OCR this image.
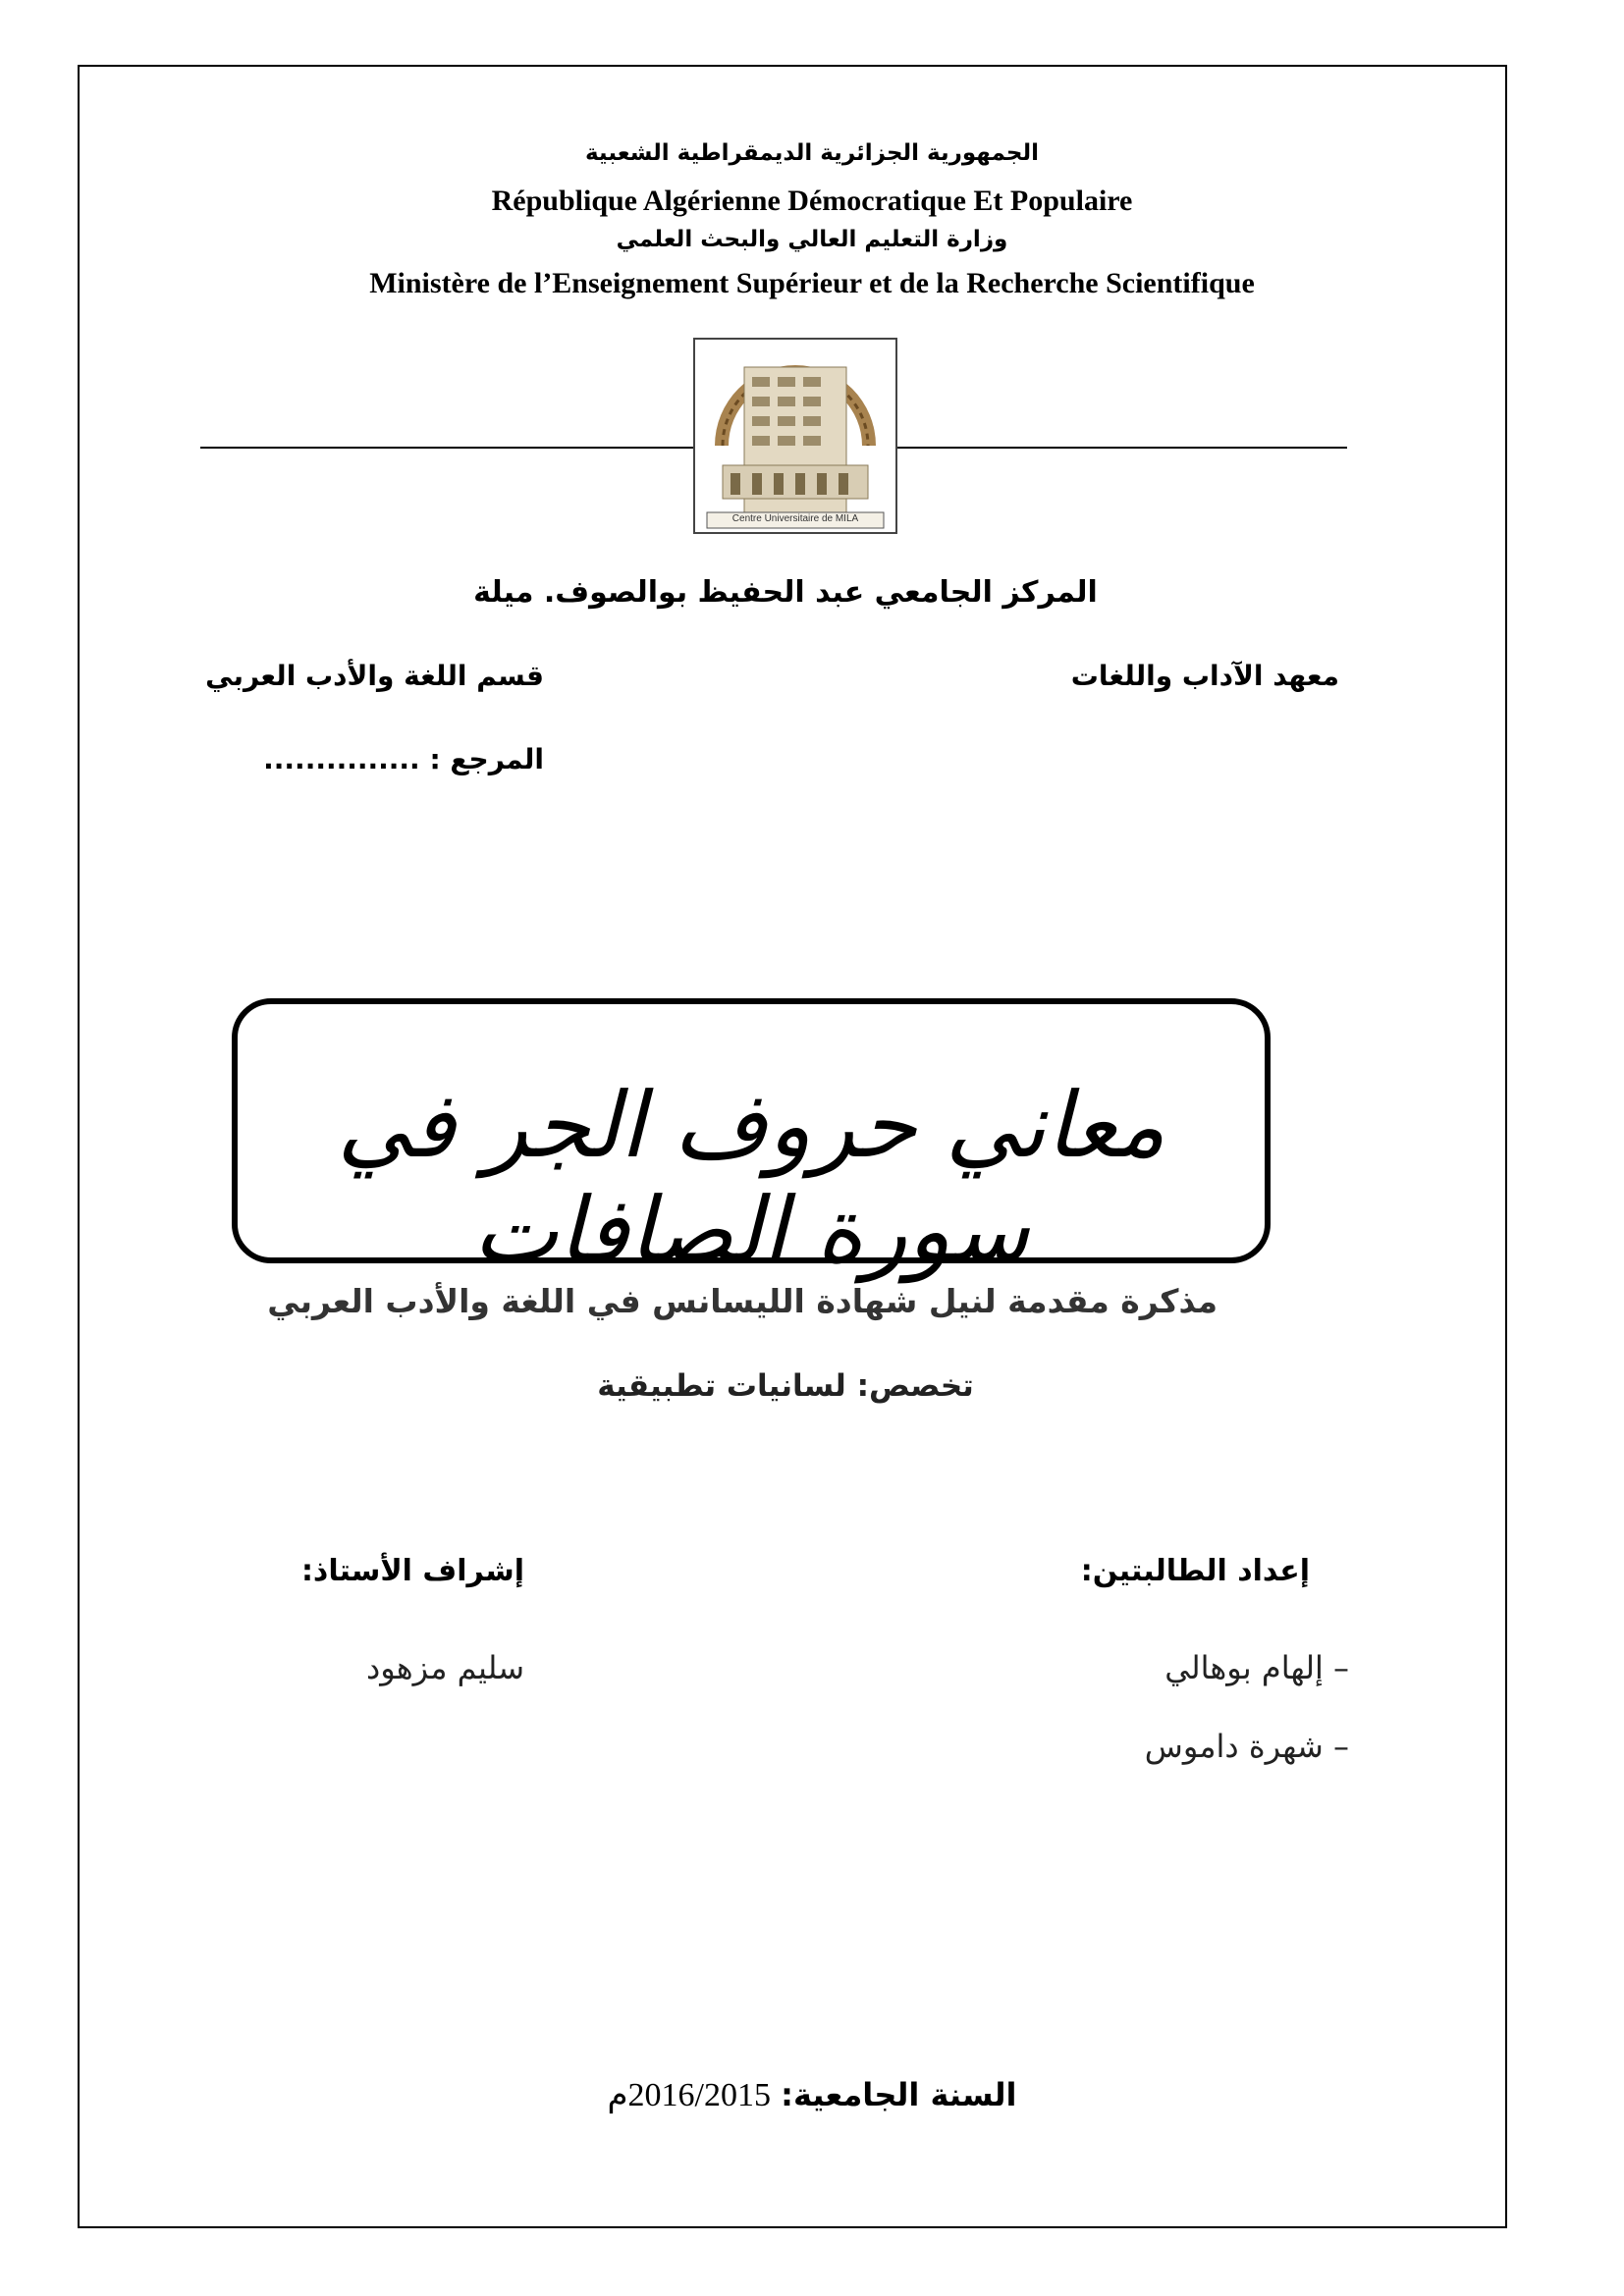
الجمهورية الجزائرية الديمقراطية الشعبية
République Algérienne Démocratique Et Populaire
وزارة التعليم العالي والبحث العلمي
Ministère de l’Enseignement Supérieur et de la Recherche Scientifique
Centre Universitaire de MILA
المركز الجامعي عبد الحفيظ بوالصوف. ميلة
معهد الآداب واللغات
قسم اللغة والأدب العربي
المرجع : ...............
معاني حروف الجر في سورة الصافات
مذكرة مقدمة لنيل شهادة الليسانس في اللغة والأدب العربي
تخصص: لسانيات تطبيقية
إعداد الطالبتين:
– إلهام بوهالي
– شهرة داموس
إشراف الأستاذ:
سليم مزهود
السنة الجامعية: 2016/2015م
